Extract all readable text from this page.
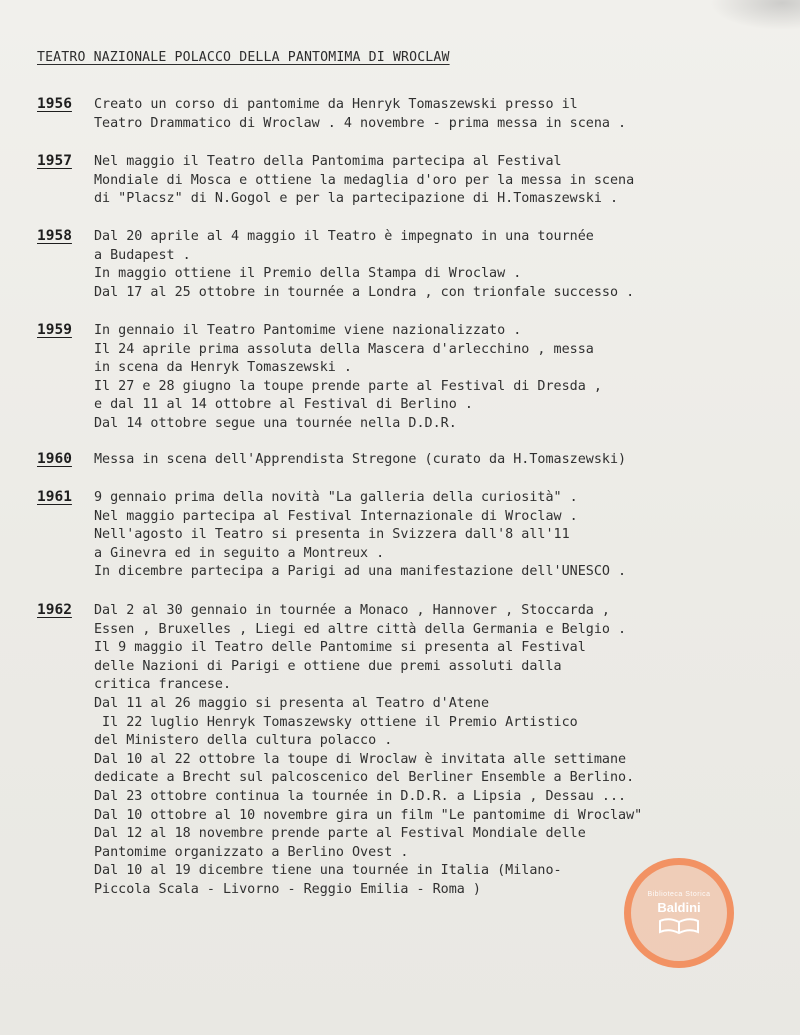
TEATRO NAZIONALE POLACCO DELLA PANTOMIMA DI WROCLAW
1956 Creato un corso di pantomime da Henryk Tomaszewski presso il
Teatro Drammatico di Wroclaw . 4 novembre - prima messa in scena .
1957 Nel maggio il Teatro della Pantomima partecipa al Festival
Mondiale di Mosca e ottiene la medaglia d'oro per la messa in scena
di "Placsz" di N.Gogol e per la partecipazione di H.Tomaszewski .
1958 Dal 20 aprile al 4 maggio il Teatro è impegnato in una tournée
a Budapest .
In maggio ottiene il Premio della Stampa di Wroclaw .
Dal 17 al 25 ottobre in tournée a Londra , con trionfale successo .
1959 In gennaio il Teatro Pantomime viene nazionalizzato .
Il 24 aprile prima assoluta della Mascera d'arlecchino , messa
in scena da Henryk Tomaszewski .
Il 27 e 28 giugno la toupe prende parte al Festival di Dresda ,
e dal 11 al 14 ottobre al Festival di Berlino .
Dal 14 ottobre segue una tournée nella D.D.R.
1960 Messa in scena dell'Apprendista Stregone (curato da H.Tomaszewski)
1961 9 gennaio prima della novità "La galleria della curiosità" .
Nel maggio partecipa al Festival Internazionale di Wroclaw .
Nell'agosto il Teatro si presenta in Svizzera dall'8 all'11
a Ginevra ed in seguito a Montreux .
In dicembre partecipa a Parigi ad una manifestazione dell'UNESCO .
1962 Dal 2 al 30 gennaio in tournée a Monaco , Hannover , Stoccarda ,
Essen , Bruxelles , Liegi ed altre città della Germania e Belgio .
Il 9 maggio il Teatro delle Pantomime si presenta al Festival
delle Nazioni di Parigi e ottiene due premi assoluti dalla
critica francese.
Dal 11 al 26 maggio si presenta al Teatro d'Atene
Il 22 luglio Henryk Tomaszewsky ottiene il Premio Artistico
del Ministero della cultura polacco .
Dal 10 al 22 ottobre la toupe di Wroclaw è invitata alle settimane
dedicate a Brecht sul palcoscenico del Berliner Ensemble a Berlino.
Dal 23 ottobre continua la tournée in D.D.R. a Lipsia , Dessau ...
Dal 10 ottobre al 10 novembre gira un film "Le pantomime di Wroclaw"
Dal 12 al 18 novembre prende parte al Festival Mondiale delle
Pantomime organizzato a Berlino Ovest .
Dal 10 al 19 dicembre tiene una tournée in Italia (Milano-
Piccola Scala - Livorno - Reggio Emilia - Roma )	Biblioteca Storica
Baldini
